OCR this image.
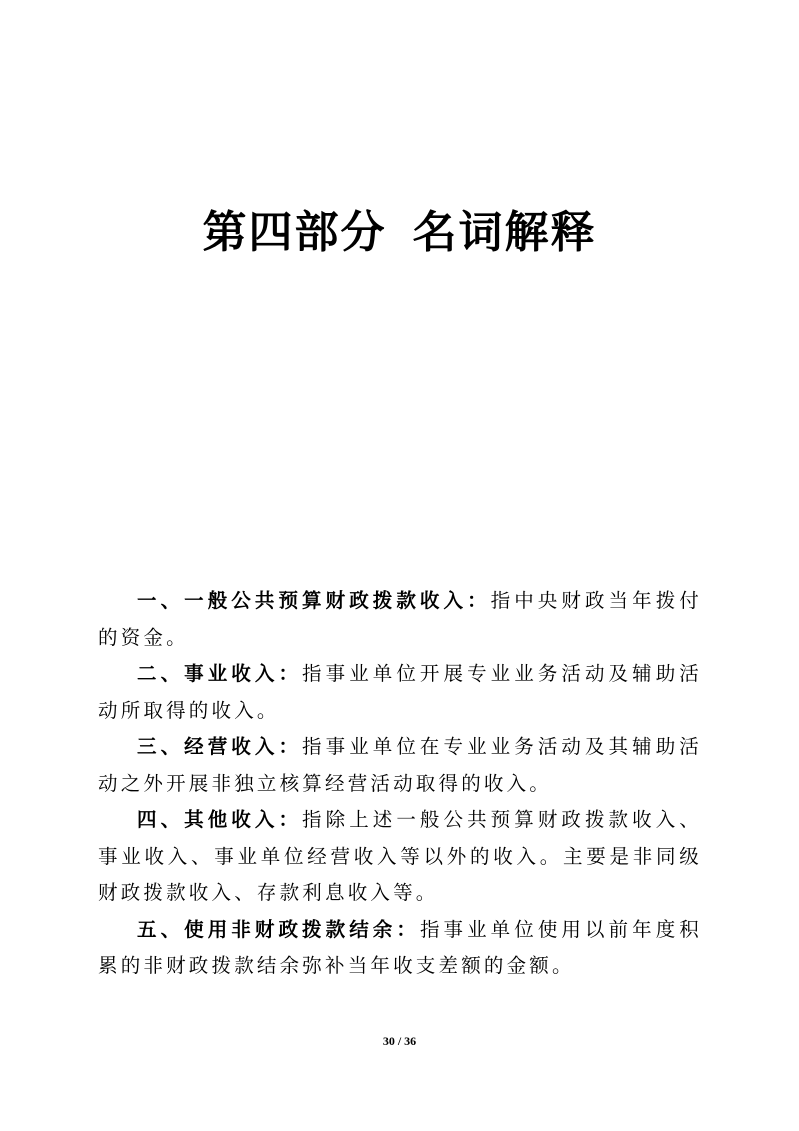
第四部分 名词解释

一、一般公共预算财政拨款收入：指中央财政当年拨付的资金。

二、事业收入：指事业单位开展专业业务活动及辅助活动所取得的收入。

三、经营收入：指事业单位在专业业务活动及其辅助活动之外开展非独立核算经营活动取得的收入。

四、其他收入：指除上述一般公共预算财政拨款收入、事业收入、事业单位经营收入等以外的收入。主要是非同级财政拨款收入、存款利息收入等。

五、使用非财政拨款结余：指事业单位使用以前年度积累的非财政拨款结余弥补当年收支差额的金额。

30 / 36
